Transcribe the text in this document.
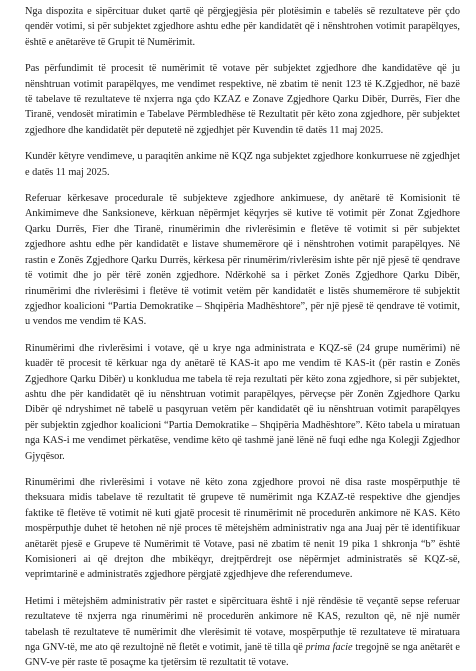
Nga dispozita e sipërcituar duket qartë që përgjegjësia për plotësimin e tabelës së rezultateve për çdo qendër votimi, si për subjektet zgjedhore ashtu edhe për kandidatët që i nënshtrohen votimit parapëlqyes, është e anëtarëve të Grupit të Numërimit.

Pas përfundimit të procesit të numërimit të votave për subjektet zgjedhore dhe kandidatëve që ju nënshtruan votimit parapëlqyes, me vendimet respektive, në zbatim të nenit 123 të K.Zgjedhor, në bazë të tabelave të rezultateve të nxjerra nga çdo KZAZ e Zonave Zgjedhore Qarku Dibër, Durrës, Fier dhe Tiranë, vendosët miratimin e Tabelave Përmbledhëse të Rezultatit për këto zona zgjedhore, për subjektet zgjedhore dhe kandidatët për deputetë në zgjedhjet për Kuvendin të datës 11 maj 2025.

Kundër këtyre vendimeve, u paraqitën ankime në KQZ nga subjektet zgjedhore konkurruese në zgjedhjet e datës 11 maj 2025.

Referuar kërkesave procedurale të subjekteve zgjedhore ankimuese, dy anëtarë të Komisionit të Ankimimeve dhe Sanksioneve, kërkuan nëpërmjet këqyrjes së kutive të votimit për Zonat Zgjedhore Qarku Durrës, Fier dhe Tiranë, rinumërimin dhe rivlerësimin e fletëve të votimit si për subjektet zgjedhore ashtu edhe për kandidatët e listave shumemërore që i nënshtrohen votimit parapëlqyes. Në rastin e Zonës Zgjedhore Qarku Durrës, kërkesa për rinumërim/rivlerësim ishte për një pjesë të qendrave të votimit dhe jo për tërë zonën zgjedhore. Ndërkohë sa i përket Zonës Zgjedhore Qarku Dibër, rinumërimi dhe rivlerësimi i fletëve të votimit vetëm për kandidatët e listës shumemërore të subjektit zgjedhor koalicioni “Partia Demokratike – Shqipëria Madhështore”, për një pjesë të qendrave të votimit, u vendos me vendim të KAS.

Rinumërimi dhe rivlerësimi i votave, që u kryе nga administrata e KQZ-së (24 grupe numërimi) në kuadër të procesit të kërkuar nga dy anëtarë të KAS-it apo me vendim të KAS-it (për rastin e Zonës Zgjedhore Qarku Dibër) u konkludua me tabela të reja rezultati për këto zona zgjedhore, si për subjektet, ashtu dhe për kandidatët që iu nënshtruan votimit parapëlqyes, përveçse për Zonën Zgjedhore Qarku Dibër që ndryshimet në tabelë u pasqyruan vetëm për kandidatët që iu nënshtruan votimit parapëlqyes për subjektin zgjedhor koalicioni “Partia Demokratike – Shqipëria Madhështore”. Këto tabela u miratuan nga KAS-i me vendimet përkatëse, vendime këto që tashmë janë lënë në fuqi edhe nga Kolegji Zgjedhor Gjyqësor.

Rinumërimi dhe rivlerësimi i votave në këto zona zgjedhore provoi në disa raste mospërputhje të theksuara midis tabelave të rezultatit të grupeve të numërimit nga KZAZ-të respektive dhe gjendjes faktike të fletëve të votimit në kuti gjatë procesit të rinumërimit në procedurën ankimore në KAS. Këto mospërputhje duhet të hetohen në një proces të mëtejshëm administrativ nga ana Juaj për të identifikuar anëtarët pjesë e Grupeve të Numërimit të Votave, pasi në zbatim të nenit 19 pika 1 shkronja “b” është Komisioneri ai që drejton dhe mbikëqyr, drejtpërdrejt ose nëpërmjet administratës së KQZ-së, veprimtarinë e administratës zgjedhore përgjatë zgjedhjeve dhe referendumeve.

Hetimi i mëtejshëm administrativ për rastet e sipërcituara është i një rëndësie të veçantë sepse referuar rezultateve të nxjerra nga rinumërimi në procedurën ankimore në KAS, rezulton që, në një numër tabelash të rezultateve të numërimit dhe vlerësimit të votave, mospërputhje të rezultateve të miratuara nga GNV-të, me ato që rezultojnë në fletët e votimit, janë të tilla që prima facie tregojnë se nga anëtarët e GNV-ve për raste të posaçme ka tjetërsim të rezultatit të votave.
